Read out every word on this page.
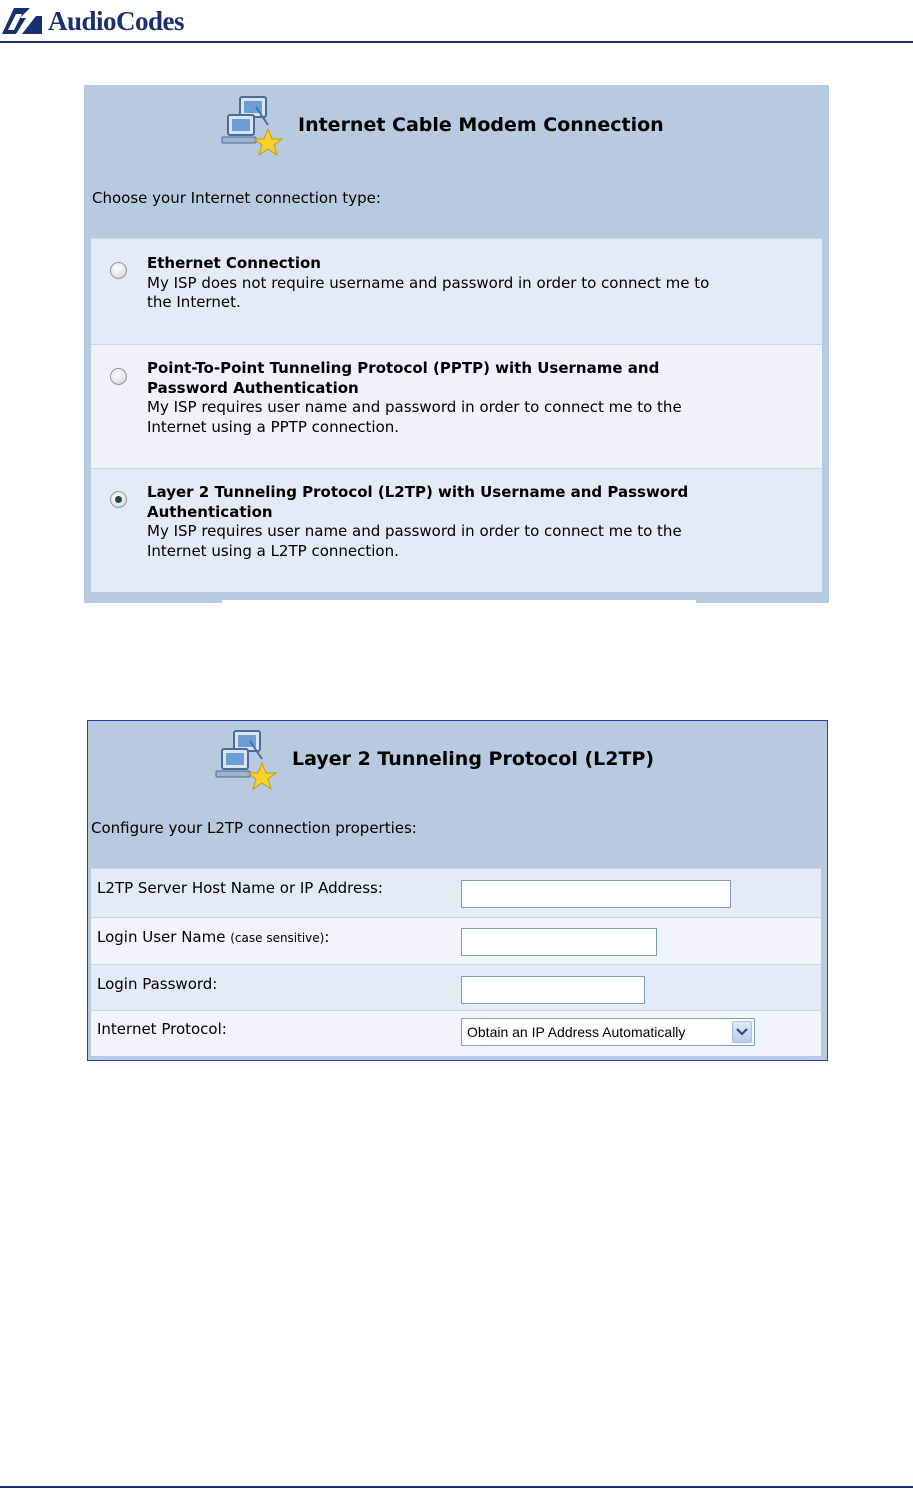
AudioCodes
Internet Cable Modem Connection
Choose your Internet connection type:
Ethernet Connection
My ISP does not require username and password in order to connect me to
the Internet.
Point-To-Point Tunneling Protocol (PPTP) with Username and
Password Authentication
My ISP requires user name and password in order to connect me to the
Internet using a PPTP connection.
Layer 2 Tunneling Protocol (L2TP) with Username and Password
Authentication
My ISP requires user name and password in order to connect me to the
Internet using a L2TP connection.
Layer 2 Tunneling Protocol (L2TP)
Configure your L2TP connection properties:
L2TP Server Host Name or IP Address:
Login User Name (case sensitive):
Login Password:
Internet Protocol:	Obtain an IP Address Automatically
